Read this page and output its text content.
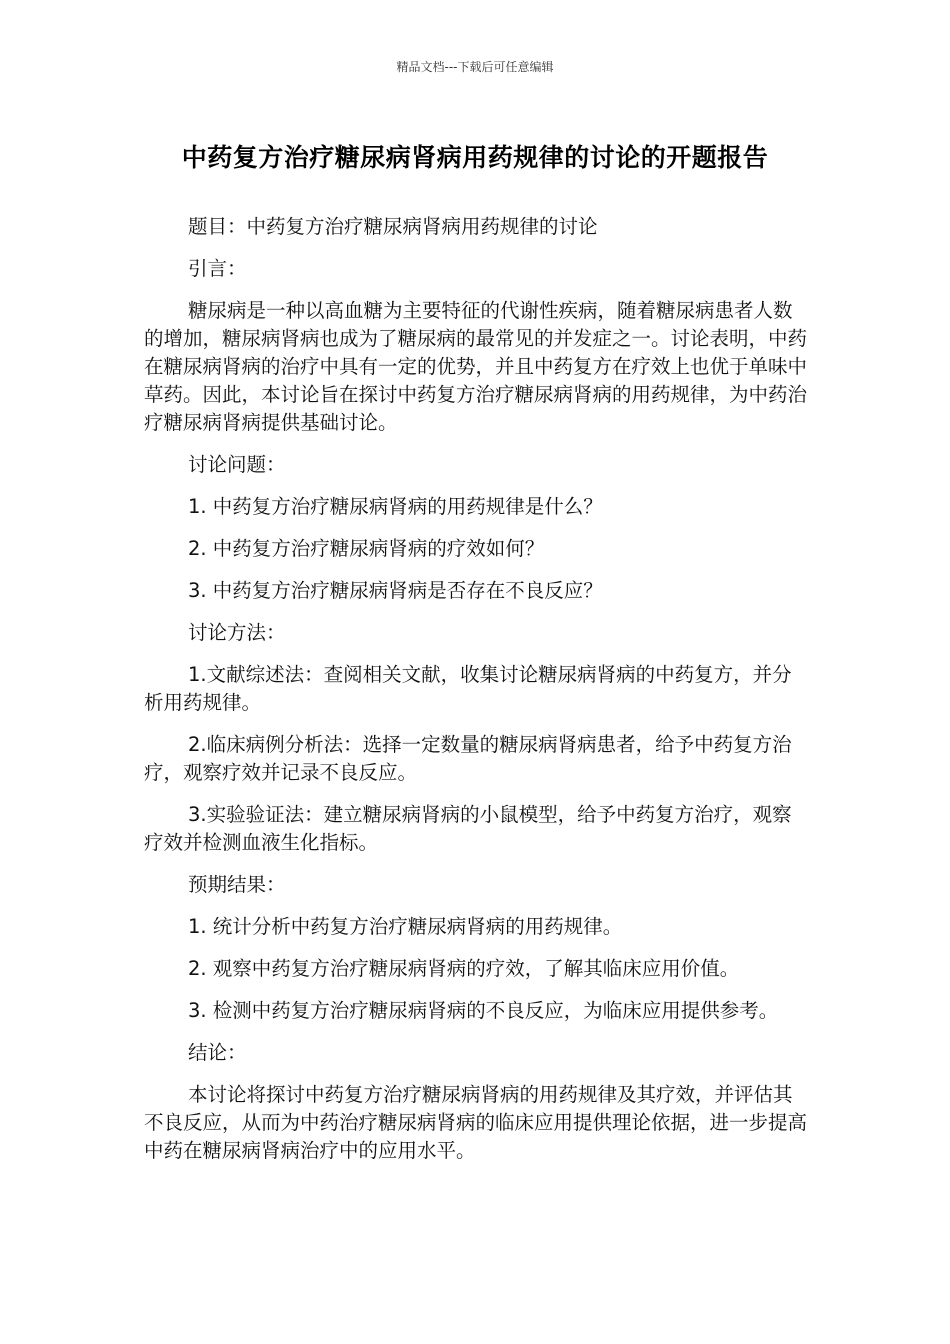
精品文档---下载后可任意编辑
中药复方治疗糖尿病肾病用药规律的讨论的开题报告

题目：中药复方治疗糖尿病肾病用药规律的讨论

引言：

糖尿病是一种以高血糖为主要特征的代谢性疾病，随着糖尿病患者人数的增加，糖尿病肾病也成为了糖尿病的最常见的并发症之一。讨论表明，中药在糖尿病肾病的治疗中具有一定的优势，并且中药复方在疗效上也优于单味中草药。因此，本讨论旨在探讨中药复方治疗糖尿病肾病的用药规律，为中药治疗糖尿病肾病提供基础讨论。

讨论问题：

1. 中药复方治疗糖尿病肾病的用药规律是什么？

2. 中药复方治疗糖尿病肾病的疗效如何？

3. 中药复方治疗糖尿病肾病是否存在不良反应？

讨论方法：

1.文献综述法：查阅相关文献，收集讨论糖尿病肾病的中药复方，并分析用药规律。

2.临床病例分析法：选择一定数量的糖尿病肾病患者，给予中药复方治疗，观察疗效并记录不良反应。

3.实验验证法：建立糖尿病肾病的小鼠模型，给予中药复方治疗，观察疗效并检测血液生化指标。

预期结果：

1. 统计分析中药复方治疗糖尿病肾病的用药规律。

2. 观察中药复方治疗糖尿病肾病的疗效，了解其临床应用价值。

3. 检测中药复方治疗糖尿病肾病的不良反应，为临床应用提供参考。

结论：

本讨论将探讨中药复方治疗糖尿病肾病的用药规律及其疗效，并评估其不良反应，从而为中药治疗糖尿病肾病的临床应用提供理论依据，进一步提高中药在糖尿病肾病治疗中的应用水平。
